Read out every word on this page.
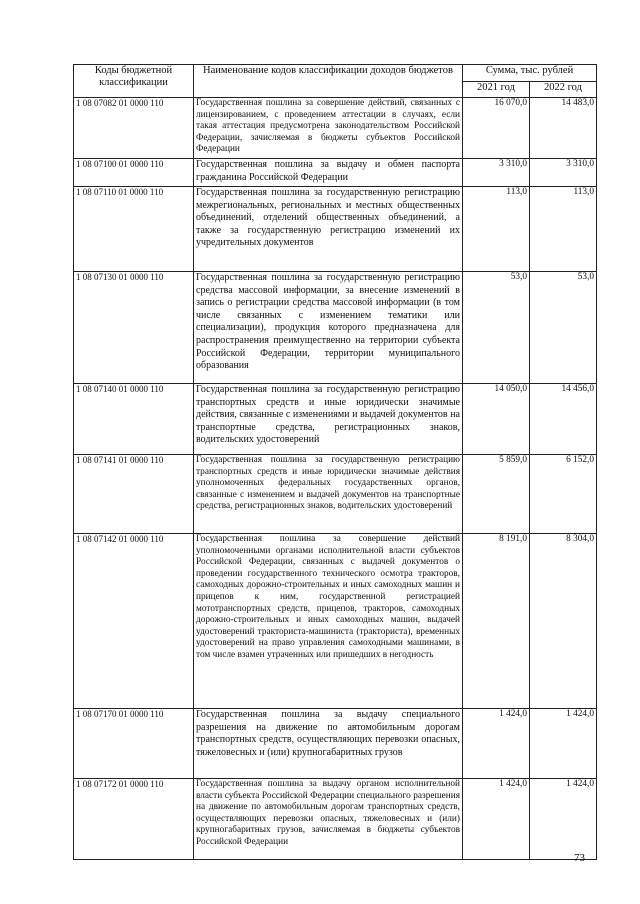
Коды бюджетной классификации	Наименование кодов классификации доходов бюджетов	Сумма, тыс. рублей	
		2021 год	2022 год
1 08 07082 01 0000 110	Государственная пошлина за совершение действий, связанных с лицензированием, с проведением аттестации в случаях, если такая аттестация предусмотрена законодательством Российской Федерации, зачисляемая в бюджеты субъектов Российской Федерации	16 070,0	14 483,0
1 08 07100 01 0000 110	Государственная пошлина за выдачу и обмен паспорта гражданина Российской Федерации	3 310,0	3 310,0
1 08 07110 01 0000 110	Государственная пошлина за государственную регистрацию межрегиональных, региональных и местных общественных объединений, отделений общественных объединений, а также за государственную регистрацию изменений их учредительных документов	113,0	113,0
1 08 07130 01 0000 110	Государственная пошлина за государственную регистрацию средства массовой информации, за внесение изменений в запись о регистрации средства массовой информации (в том числе связанных с изменением тематики или специализации), продукция которого предназначена для распространения преимущественно на территории субъекта Российской Федерации, территории муниципального образования	53,0	53,0
1 08 07140 01 0000 110	Государственная пошлина за государственную регистрацию транспортных средств и иные юридически значимые действия, связанные с изменениями и выдачей документов на транспортные средства, регистрационных знаков, водительских удостоверений	14 050,0	14 456,0
1 08 07141 01 0000 110	Государственная пошлина за государственную регистрацию транспортных средств и иные юридически значимые действия уполномоченных федеральных государственных органов, связанные с изменением и выдачей документов на транспортные средства, регистрационных знаков, водительских удостоверений	5 859,0	6 152,0
1 08 07142 01 0000 110	Государственная пошлина за совершение действий уполномоченными органами исполнительной власти субъектов Российской Федерации, связанных с выдачей документов о проведении государственного технического осмотра тракторов, самоходных дорожно-строительных и иных самоходных машин и прицепов к ним, государственной регистрацией мототранспортных средств, прицепов, тракторов, самоходных дорожно-строительных и иных самоходных машин, выдачей удостоверений тракториста-машиниста (тракториста), временных удостоверений на право управления самоходными машинами, в том числе взамен утраченных или пришедших в негодность	8 191,0	8 304,0
1 08 07170 01 0000 110	Государственная пошлина за выдачу специального разрешения на движение по автомобильным дорогам транспортных средств, осуществляющих перевозки опасных, тяжеловесных и (или) крупногабаритных грузов	1 424,0	1 424,0
1 08 07172 01 0000 110	Государственная пошлина за выдачу органом исполнительной власти субъекта Российской Федерации специального разрешения на движение по автомобильным дорогам транспортных средств, осуществляющих перевозки опасных, тяжеловесных и (или) крупногабаритных грузов, зачисляемая в бюджеты субъектов Российской Федерации	1 424,0	1 424,0
73
